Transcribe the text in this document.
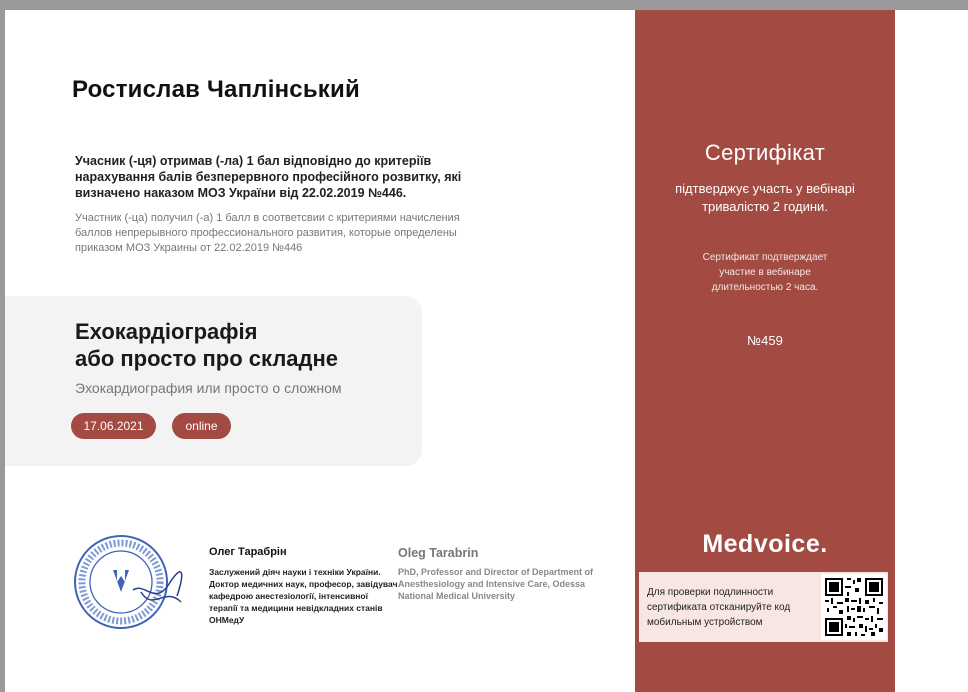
Ростислав Чаплінський
Учасник (-ця) отримав (-ла) 1 бал відповідно до критеріїв нарахування балів безперервного професійного розвитку, які визначено наказом МОЗ України від 22.02.2019 №446.
Участник (-ца) получил (-а) 1 балл в соответсвии с критериями начисления баллов непрерывного профессионального развития, которые определены приказом МОЗ Украины от 22.02.2019 №446
Ехокардіографія
або просто про складне
Эхокардиография или просто о сложном
17.06.2021	online
Олег Тарабрін
Заслужений діяч науки і техніки України. Доктор медичних наук, професор, завідувач кафедрою анестезіології, інтенсивної терапії та медицини невідкладних станів ОНМедУ
Oleg Tarabrin
PhD, Professor and Director of Department of Anesthesiology and Intensive Care, Odessa National Medical University
Сертифікат
підтверджує участь у вебінарі тривалістю 2 години.
Сертификат подтверждает участие в вебинаре длительностью 2 часа.
№459
Medvoice.
Для проверки подлинности сертификата отсканируйте код мобильным устройством
